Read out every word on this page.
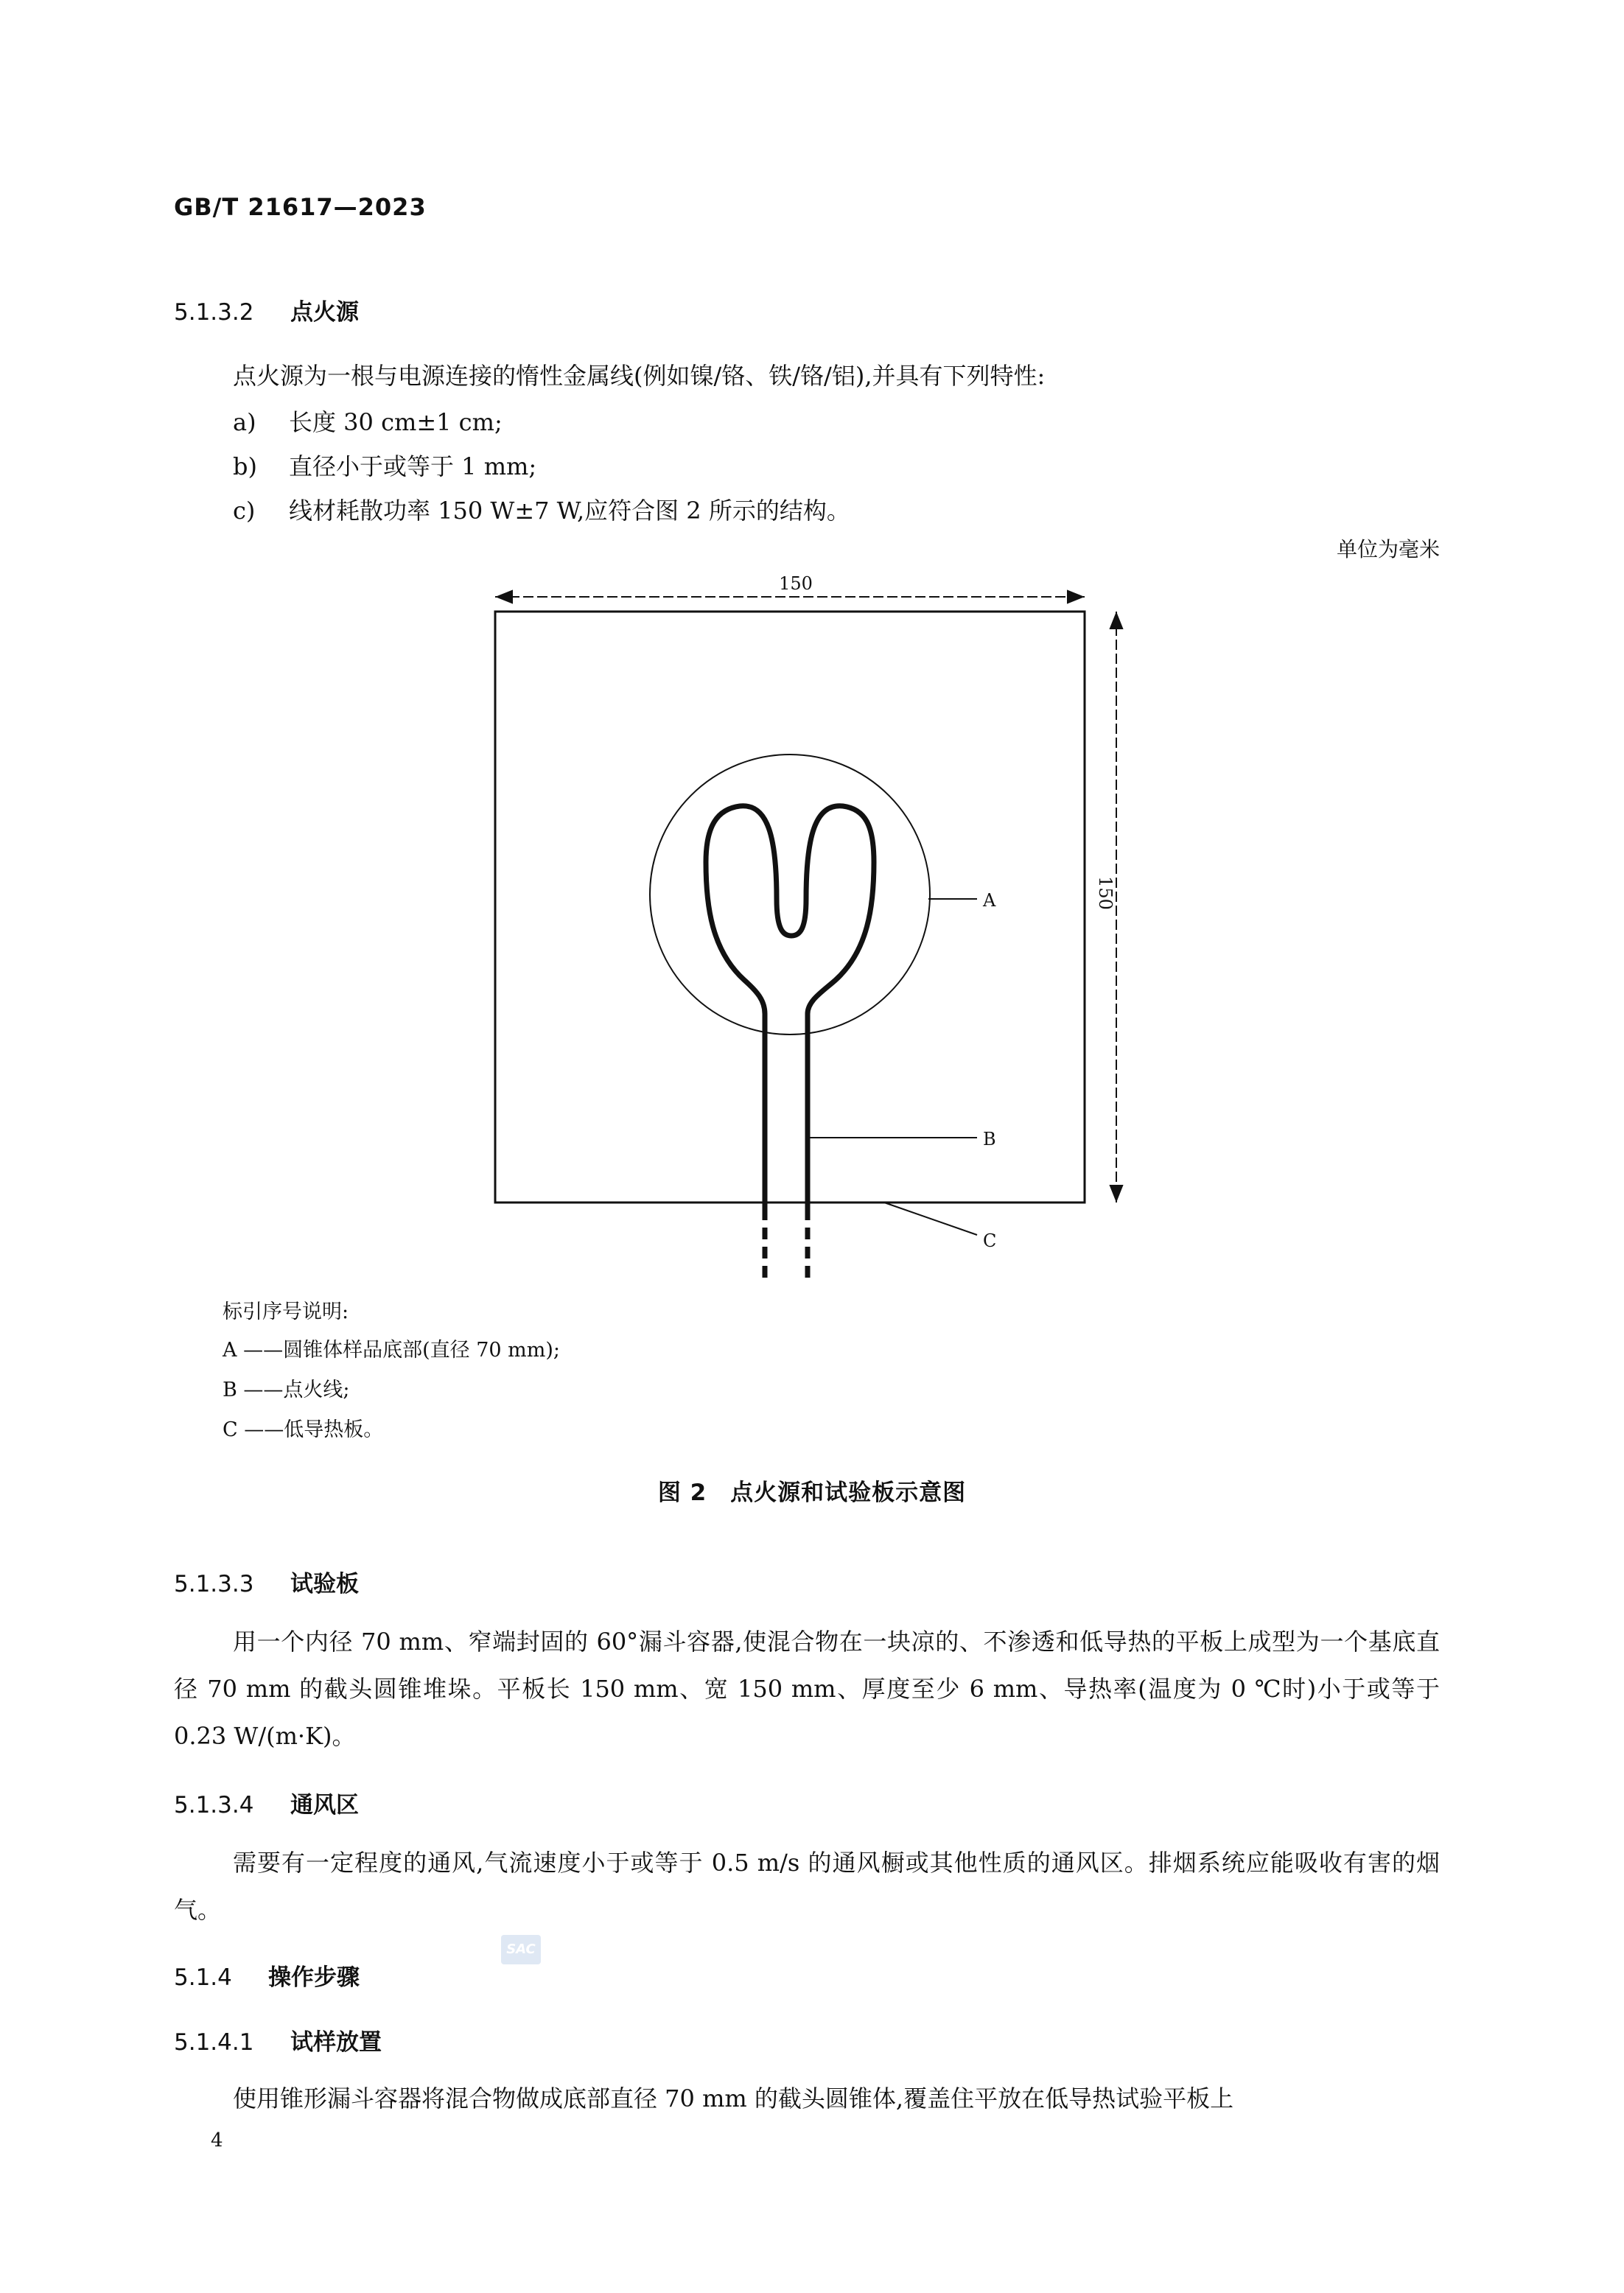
GB/T 21617—2023
5.1.3.2 点火源
点火源为一根与电源连接的惰性金属线(例如镍/铬、铁/铬/铝),并具有下列特性:
a) 长度 30 cm±1 cm;
b) 直径小于或等于 1 mm;
c) 线材耗散功率 150 W±7 W,应符合图 2 所示的结构。
单位为毫米
150
150
A
B
C
标引序号说明:
A ——圆锥体样品底部(直径 70 mm);
B ——点火线;
C ——低导热板。
图 2　点火源和试验板示意图
5.1.3.3 试验板
用一个内径 70 mm、窄端封固的 60°漏斗容器,使混合物在一块凉的、不渗透和低导热的平板上成型为一个基底直径 70 mm 的截头圆锥堆垛。平板长 150 mm、宽 150 mm、厚度至少 6 mm、导热率(温度为 0 ℃时)小于或等于 0.23 W/(m·K)。
5.1.3.4 通风区
需要有一定程度的通风,气流速度小于或等于 0.5 m/s 的通风橱或其他性质的通风区。排烟系统应能吸收有害的烟气。
5.1.4 操作步骤
SAC
5.1.4.1 试样放置
使用锥形漏斗容器将混合物做成底部直径 70 mm 的截头圆锥体,覆盖住平放在低导热试验平板上
4
